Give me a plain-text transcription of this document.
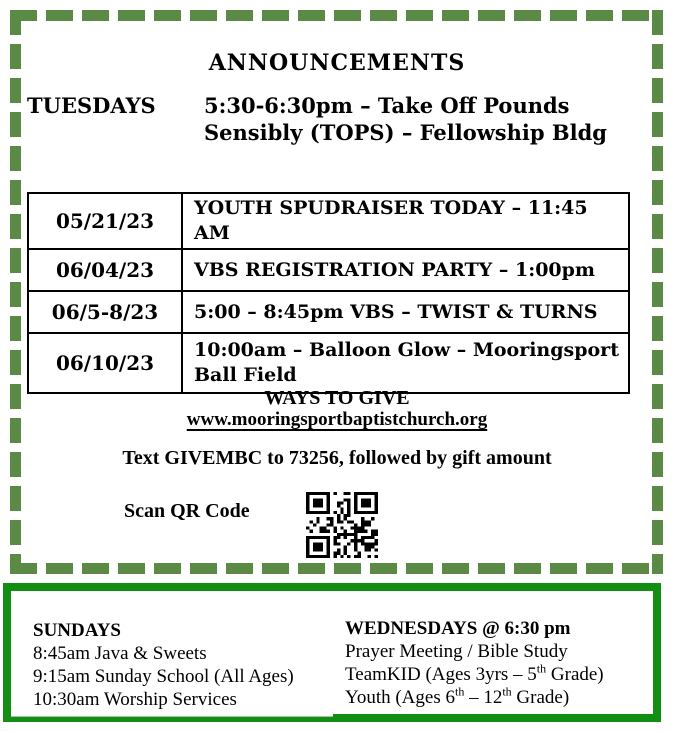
ANNOUNCEMENTS
TUESDAYS 5:30-6:30pm – Take Off Pounds
Sensibly (TOPS) – Fellowship Bldg
05/21/23	YOUTH SPUDRAISER TODAY – 11:45 AM
06/04/23	VBS REGISTRATION PARTY – 1:00pm
06/5-8/23	5:00 – 8:45pm VBS – TWIST & TURNS
06/10/23	10:00am – Balloon Glow – Mooringsport Ball Field
WAYS TO GIVE
www.mooringsportbaptistchurch.org
Text GIVEMBC to 73256, followed by gift amount
Scan QR Code
SUNDAYS
8:45am Java & Sweets
9:15am Sunday School (All Ages)
10:30am Worship Services
WEDNESDAYS @ 6:30 pm
Prayer Meeting / Bible Study
TeamKID (Ages 3yrs – 5th Grade)
Youth (Ages 6th – 12th Grade)
